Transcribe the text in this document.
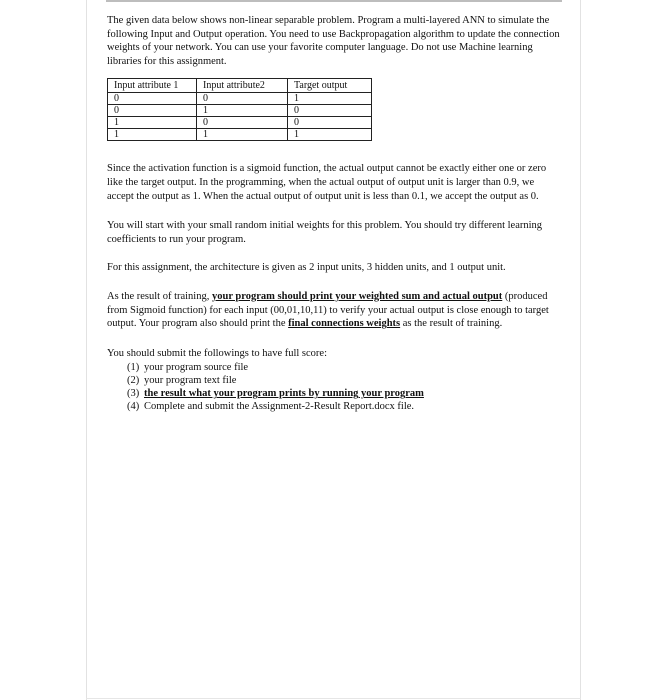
The given data below shows non-linear separable problem. Program a multi-layered ANN to simulate the following Input and Output operation. You need to use Backpropagation algorithm to update the connection weights of your network. You can use your favorite computer language. Do not use Machine learning libraries for this assignment.

Input attribute 1	Input attribute2	Target output
0	0	1
0	1	0
1	0	0
1	1	1

Since the activation function is a sigmoid function, the actual output cannot be exactly either one or zero like the target output. In the programming, when the actual output of output unit is larger than 0.9, we accept the output as 1. When the actual output of output unit is less than 0.1, we accept the output as 0.

You will start with your small random initial weights for this problem. You should try different learning coefficients to run your program.

For this assignment, the architecture is given as 2 input units, 3 hidden units, and 1 output unit.

As the result of training, your program should print your weighted sum and actual output (produced from Sigmoid function) for each input (00,01,10,11) to verify your actual output is close enough to target output. Your program also should print the final connections weights as the result of training.

You should submit the followings to have full score:

(1) your program source file
(2) your program text file
(3) the result what your program prints by running your program
(4) Complete and submit the Assignment-2-Result Report.docx file.
